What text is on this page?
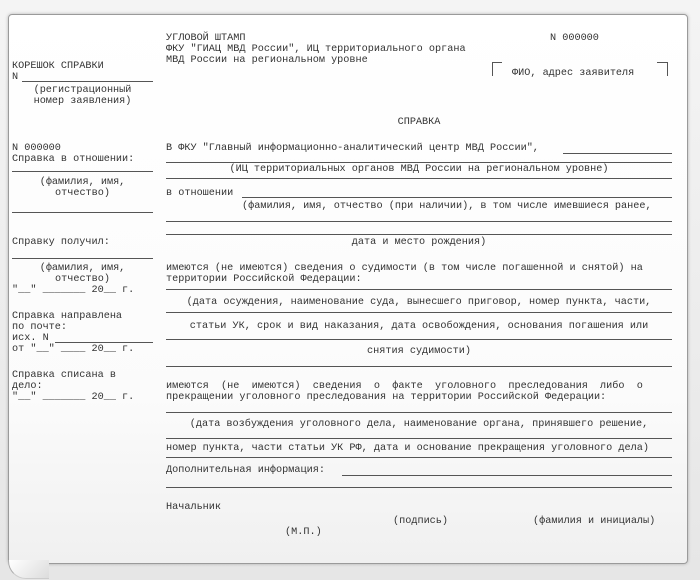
КОРЕШОК СПРАВКИ
N
(регистрационный
номер заявления)
N 000000
Справка в отношении:
(фамилия, имя,
отчество)
Справку получил:
(фамилия, имя,
отчество)
"__" _______ 20__ г.
Справка направлена
по почте:
исх. N
от "__" ____ 20__ г.
Справка списана в
дело:
"__" _______ 20__ г.
УГЛОВОЙ ШТАМП	N 000000
ФКУ "ГИАЦ МВД России", ИЦ территориального органа
МВД России на региональном уровне
ФИО, адрес заявителя
СПРАВКА
В ФКУ "Главный информационно-аналитический центр МВД России",
(ИЦ территориальных органов МВД России на региональном уровне)
в отношении
(фамилия, имя, отчество (при наличии), в том числе имевшиеся ранее,
дата и место рождения)
имеются (не имеются) сведения о судимости (в том числе погашенной и снятой) на
территории Российской Федерации:
(дата осуждения, наименование суда, вынесшего приговор, номер пункта, части,
статьи УК, срок и вид наказания, дата освобождения, основания погашения или
снятия судимости)
имеются  (не  имеются)  сведения  о  факте  уголовного  преследования  либо  о
прекращении уголовного преследования на территории Российской Федерации:
(дата возбуждения уголовного дела, наименование органа, принявшего решение,
номер пункта, части статьи УК РФ, дата и основание прекращения уголовного дела)
Дополнительная информация:
Начальник
(подпись)	(фамилия и инициалы)
(М.П.)
